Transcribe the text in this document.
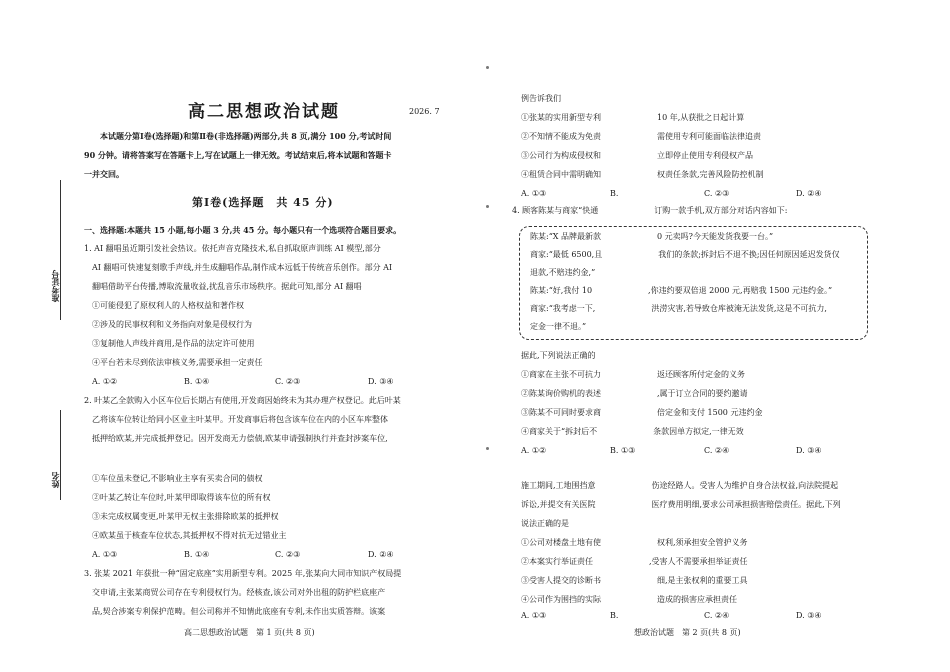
准考证号
姓名
高二思想政治试题	2026. 7
本试题分第Ⅰ卷(选择题)和第Ⅱ卷(非选择题)两部分,共 8 页,满分 100 分,考试时间
90 分钟。请将答案写在答题卡上,写在试题上一律无效。考试结束后,将本试题和答题卡
一并交回。
第Ⅰ卷(选择题　共 45 分)
一、选择题:本题共 15 小题,每小题 3 分,共 45 分。每小题只有一个选项符合题目要求。
1. AI 翻唱虽近期引发社会热议。依托声音克隆技术,私自抓取原声训练 AI 模型,部分
AI 翻唱可快速复刻歌手声线,并生成翻唱作品,制作成本远低于传统音乐创作。部分 AI
翻唱借助平台传播,博取流量收益,扰乱音乐市场秩序。据此可知,部分 AI 翻唱
①可能侵犯了原权利人的人格权益和著作权
②涉及的民事权利和义务指向对象是侵权行为
③复制他人声线并商用,是作品的法定许可使用
④平台若未尽到依法审核义务,需要承担一定责任
A. ①②	B. ①④	C. ②③	D. ③④
2. 叶某乙全款购入小区车位后长期占有使用,开发商因始终未为其办理产权登记。此后叶某
乙将该车位转让给同小区业主叶某甲。开发商事后将包含该车位在内的小区车库整体
抵押给欧某,并完成抵押登记。因开发商无力偿债,欧某申请强制执行并查封涉案车位,
①车位虽未登记,不影响业主享有买卖合同的债权
②叶某乙转让车位时,叶某甲即取得该车位的所有权
③未完成权属变更,叶某甲无权主张排除欧某的抵押权
④欧某虽于核查车位状态,其抵押权不得对抗无过错业主
A. ①③	B. ①④	C. ②③	D. ②④
3. 张某 2021 年获批一种“固定底座”实用新型专利。2025 年,张某向大同市知识产权局提
交申请,主张某商贸公司存在专利侵权行为。经核查,该公司对外出租的防护栏底座产
品,契合涉案专利保护范畴。但公司称并不知情此底座有专利,未作出实质答辩。该案
高二思想政治试题　第 1 页(共 8 页)
例告诉我们
①张某的实用新型专利　　　　　　　10 年,从获批之日起计算
②不知情不能成为免责　　　　　　　需使用专利可能面临法律追责
③公司行为构成侵权和　　　　　　　立即停止使用专利侵权产品
④租赁合同中需明确知　　　　　　　权责任条款,完善风险防控机制
A. ①③	B.	C. ②③	D. ②④
4. 顾客陈某与商家“快通　　　　　　　订购一款手机,双方部分对话内容如下:
陈某:“X 品牌最新款　　　　　　　0 元卖吗?今天能发货我要一台。”
商家:“最低 6500,且　　　　　　　我们的条款;拆封后不退不换;因任何原因延迟发货仅
退款,不赔违约金,”
陈某:“好,我付 10　　　　　　　,你违约要双倍退 2000 元,再赔我 1500 元违约金。”
商家:“我考虑一下,　　　　　　　洪涝灾害,若导致仓库被淹无法发货,这是不可抗力,
定金一律不退。”
据此,下列说法正确的
①商家在主张不可抗力　　　　　　　返还顾客所付定金的义务
②陈某询价购机的表述　　　　　　　,属于订立合同的要约邀请
③陈某不可同时要求商　　　　　　　倍定金和支付 1500 元违约金
④商家关于“拆封后不　　　　　　　条款因单方拟定,一律无效
A. ①②	B. ①③	C. ②④	D. ③④
施工期间,工地围挡意　　　　　　　伤途经路人。受害人为维护自身合法权益,向法院提起
诉讼,并提交有关医院　　　　　　　医疗费用明细,要求公司承担损害赔偿责任。据此,下列
说法正确的是
①公司对楼盘土地有使　　　　　　　权利,须承担安全管护义务
②本案实行举证责任　　　　　　　,受害人不需要承担举证责任
③受害人提交的诊断书　　　　　　　细,是主张权利的重要工具
④公司作为围挡的实际　　　　　　　造成的损害应承担责任
A. ①③	B.	C. ②④	D. ③④
想政治试题　第 2 页(共 8 页)
